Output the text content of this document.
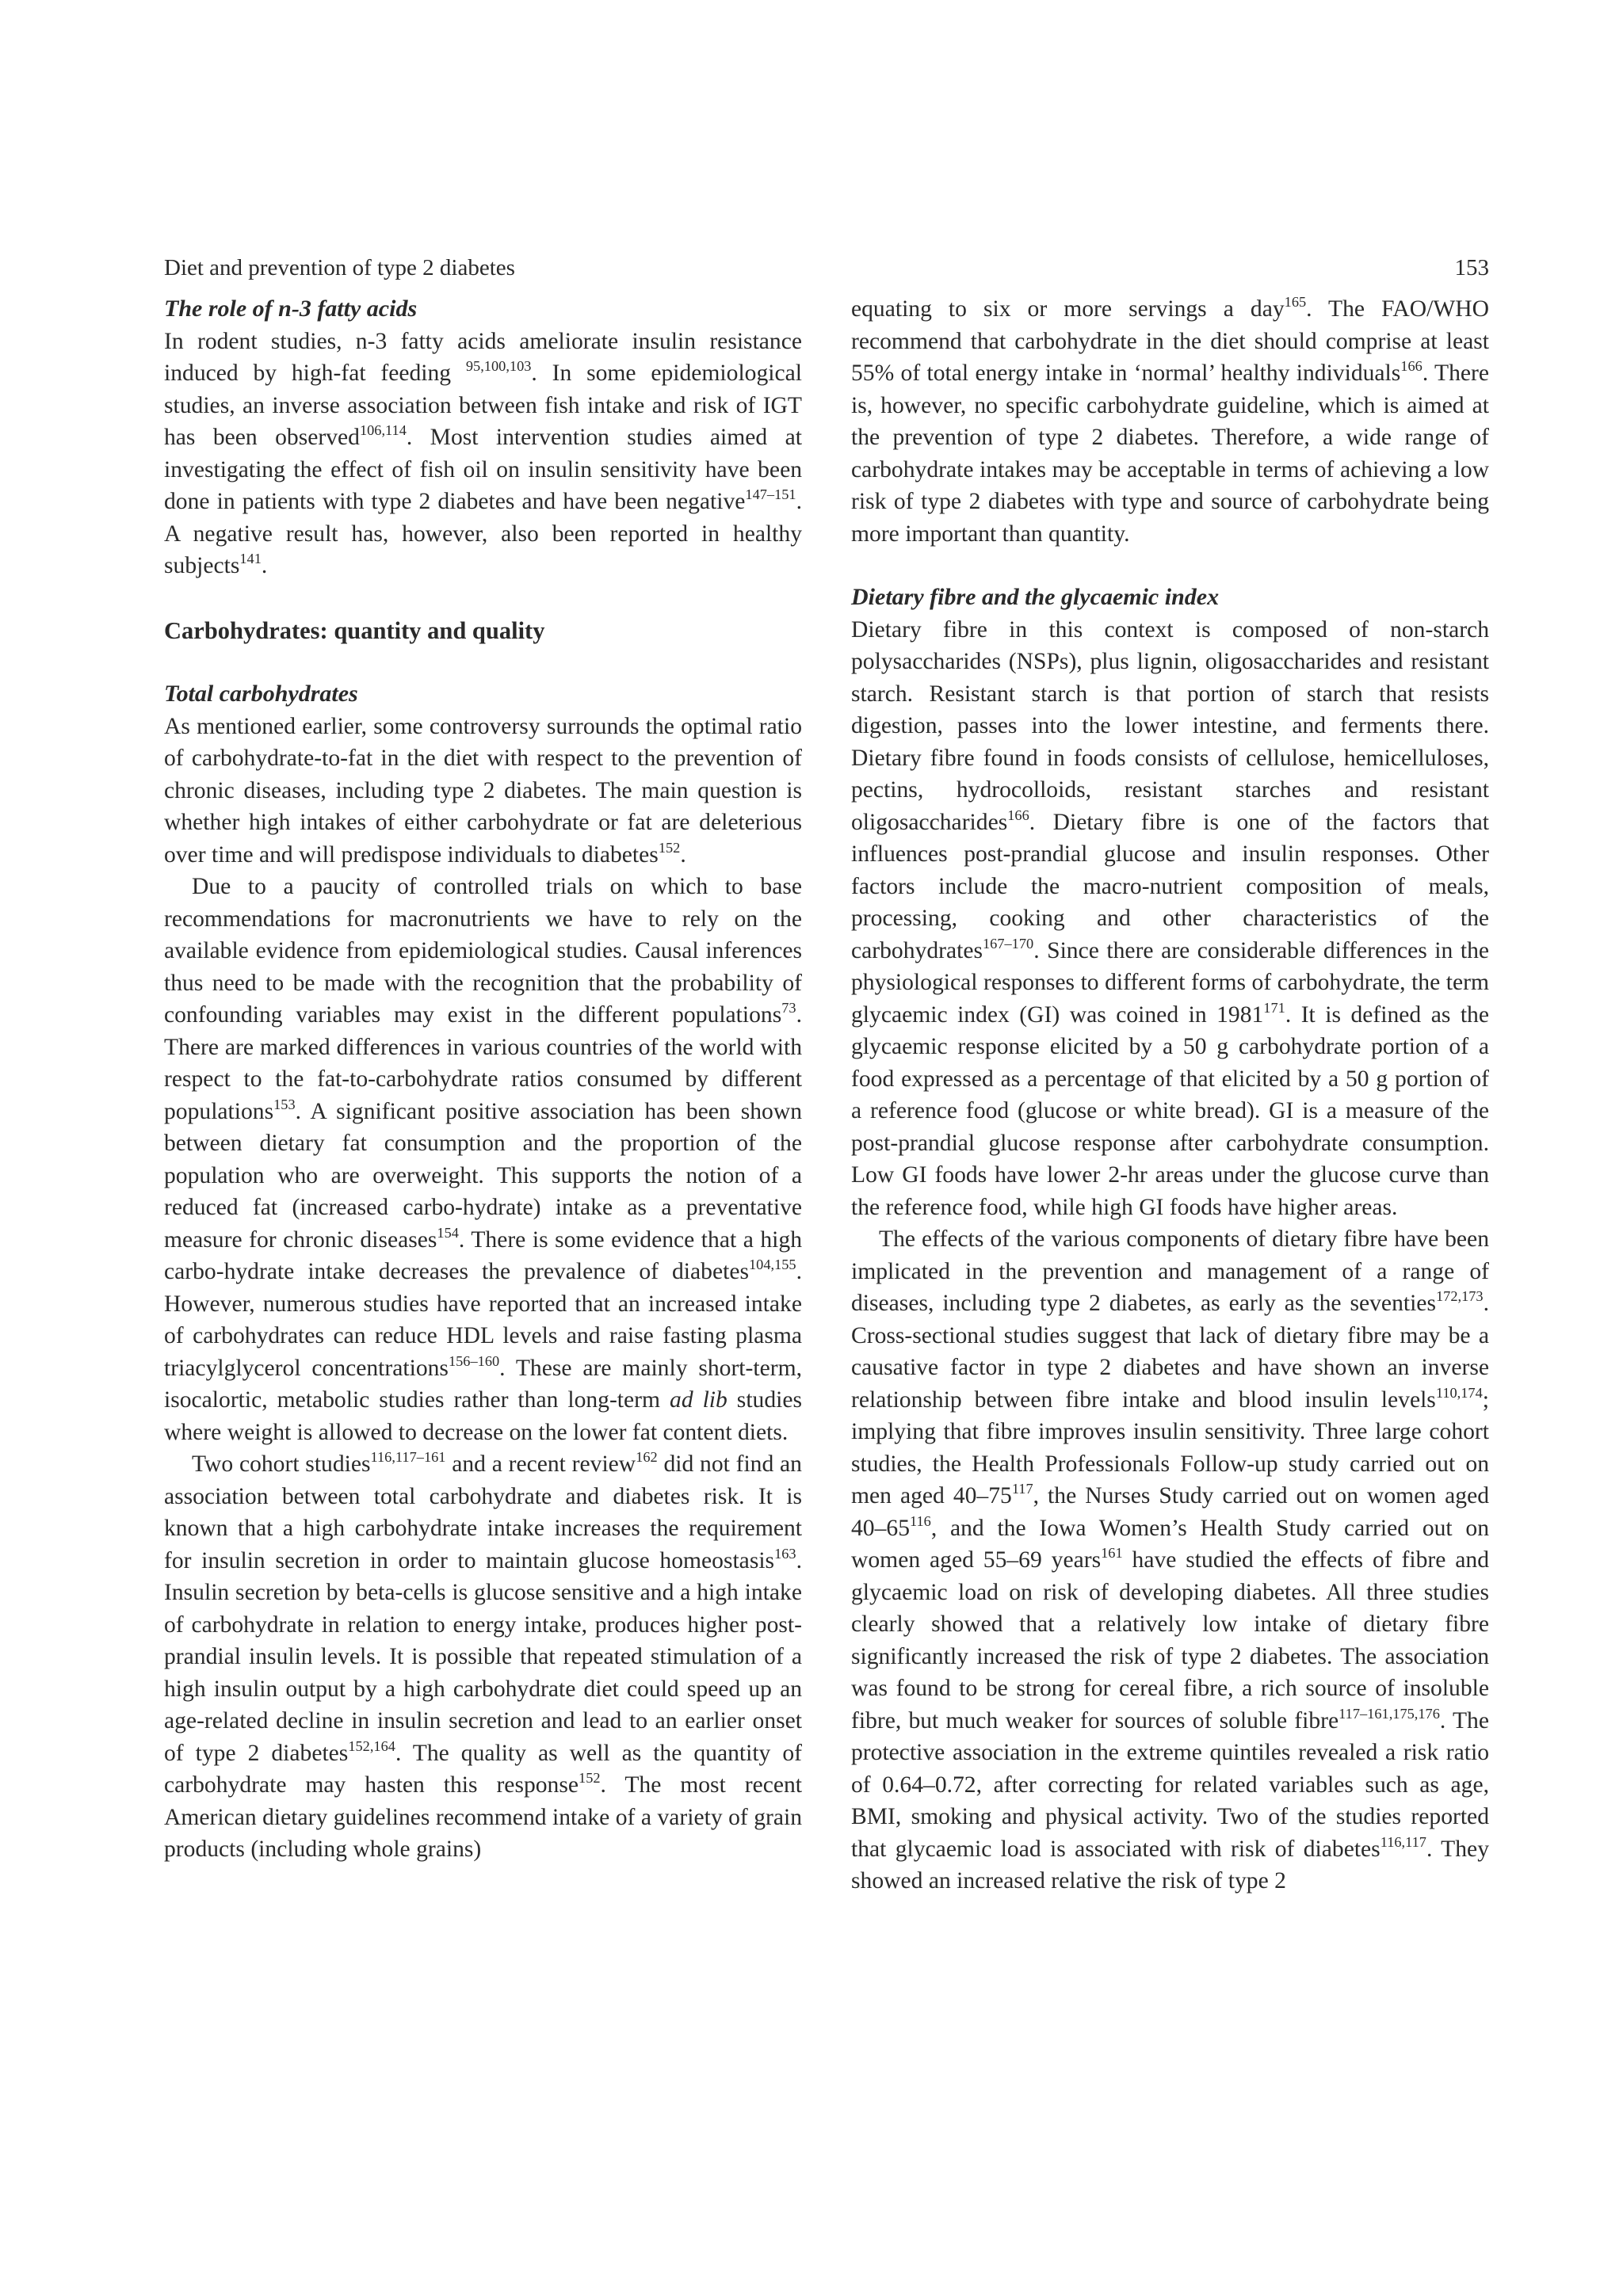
Diet and prevention of type 2 diabetes	153
The role of n-3 fatty acids

In rodent studies, n-3 fatty acids ameliorate insulin resistance induced by high-fat feeding $^{95,100,103}$. In some epidemiological studies, an inverse association between fish intake and risk of IGT has been observed$^{106,114}$. Most intervention studies aimed at investigating the effect of fish oil on insulin sensitivity have been done in patients with type 2 diabetes and have been negative$^{147-151}$. A negative result has, however, also been reported in healthy subjects$^{141}$.

Carbohydrates: quantity and quality
Total carbohydrates

As mentioned earlier, some controversy surrounds the optimal ratio of carbohydrate-to-fat in the diet with respect to the prevention of chronic diseases, including type 2 diabetes. The main question is whether high intakes of either carbohydrate or fat are deleterious over time and will predispose individuals to diabetes$^{152}$.

Due to a paucity of controlled trials on which to base recommendations for macronutrients we have to rely on the available evidence from epidemiological studies. Causal inferences thus need to be made with the recognition that the probability of confounding variables may exist in the different populations$^{73}$. There are marked differences in various countries of the world with respect to the fat-to-carbohydrate ratios consumed by different populations$^{153}$. A significant positive association has been shown between dietary fat consumption and the proportion of the population who are overweight. This supports the notion of a reduced fat (increased carbo-hydrate) intake as a preventative measure for chronic diseases$^{154}$. There is some evidence that a high carbo-hydrate intake decreases the prevalence of diabetes$^{104,155}$. However, numerous studies have reported that an increased intake of carbohydrates can reduce HDL levels and raise fasting plasma triacylglycerol concentrations$^{156-160}$. These are mainly short-term, isocalortic, metabolic studies rather than long-term ad lib studies where weight is allowed to decrease on the lower fat content diets.

Two cohort studies$^{116,117-161}$ and a recent review$^{162}$ did not find an association between total carbohydrate and diabetes risk. It is known that a high carbohydrate intake increases the requirement for insulin secretion in order to maintain glucose homeostasis$^{163}$. Insulin secretion by beta-cells is glucose sensitive and a high intake of carbohydrate in relation to energy intake, produces higher post-prandial insulin levels. It is possible that repeated stimulation of a high insulin output by a high carbohydrate diet could speed up an age-related decline in insulin secretion and lead to an earlier onset of type 2 diabetes$^{152,164}$. The quality as well as the quantity of carbohydrate may hasten this response$^{152}$. The most recent American dietary guidelines recommend intake of a variety of grain products (including whole grains)

equating to six or more servings a day$^{165}$. The FAO/WHO recommend that carbohydrate in the diet should comprise at least 55% of total energy intake in ‘normal’ healthy individuals$^{166}$. There is, however, no specific carbohydrate guideline, which is aimed at the prevention of type 2 diabetes. Therefore, a wide range of carbohydrate intakes may be acceptable in terms of achieving a low risk of type 2 diabetes with type and source of carbohydrate being more important than quantity.

Dietary fibre and the glycaemic index

Dietary fibre in this context is composed of non-starch polysaccharides (NSPs), plus lignin, oligosaccharides and resistant starch. Resistant starch is that portion of starch that resists digestion, passes into the lower intestine, and ferments there. Dietary fibre found in foods consists of cellulose, hemicelluloses, pectins, hydrocolloids, resistant starches and resistant oligosaccharides$^{166}$. Dietary fibre is one of the factors that influences post-prandial glucose and insulin responses. Other factors include the macro-nutrient composition of meals, processing, cooking and other characteristics of the carbohydrates$^{167-170}$. Since there are considerable differences in the physiological responses to different forms of carbohydrate, the term glycaemic index (GI) was coined in 1981$^{171}$. It is defined as the glycaemic response elicited by a 50 g carbohydrate portion of a food expressed as a percentage of that elicited by a 50 g portion of a reference food (glucose or white bread). GI is a measure of the post-prandial glucose response after carbohydrate consumption. Low GI foods have lower 2-hr areas under the glucose curve than the reference food, while high GI foods have higher areas.

The effects of the various components of dietary fibre have been implicated in the prevention and management of a range of diseases, including type 2 diabetes, as early as the seventies$^{172,173}$. Cross-sectional studies suggest that lack of dietary fibre may be a causative factor in type 2 diabetes and have shown an inverse relationship between fibre intake and blood insulin levels$^{110,174}$; implying that fibre improves insulin sensitivity. Three large cohort studies, the Health Professionals Follow-up study carried out on men aged $40-75^{117}$, the Nurses Study carried out on women aged $40-65^{116}$, and the Iowa Women’s Health Study carried out on women aged 55–69 years$^{161}$ have studied the effects of fibre and glycaemic load on risk of developing diabetes. All three studies clearly showed that a relatively low intake of dietary fibre significantly increased the risk of type 2 diabetes. The association was found to be strong for cereal fibre, a rich source of insoluble fibre, but much weaker for sources of soluble fibre$^{117-161,175,176}$. The protective association in the extreme quintiles revealed a risk ratio of 0.64–0.72, after correcting for related variables such as age, BMI, smoking and physical activity. Two of the studies reported that glycaemic load is associated with risk of diabetes$^{116,117}$. They showed an increased relative the risk of type 2
